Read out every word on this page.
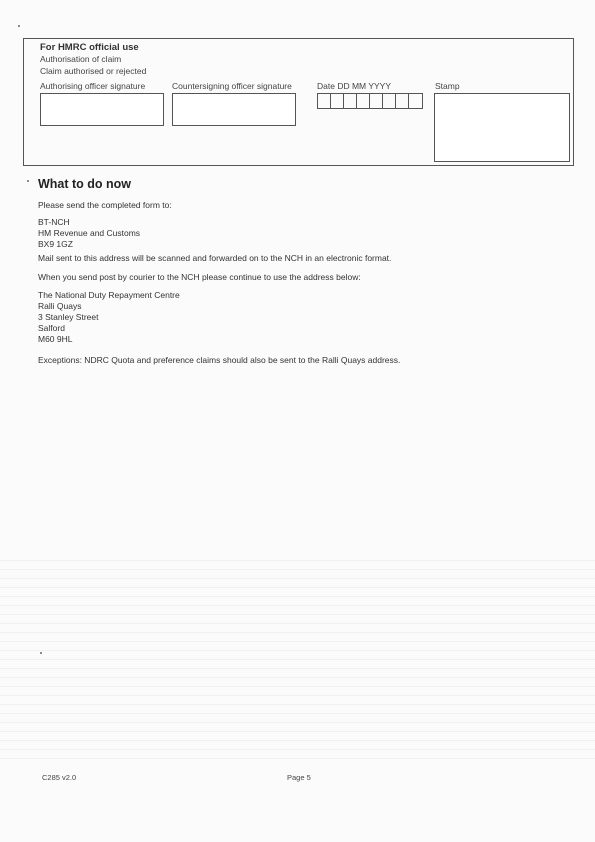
For HMRC official use
Authorisation of claim
Claim authorised or rejected
Authorising officer signature	Countersigning officer signature	Date DD MM YYYY	Stamp
What to do now
Please send the completed form to:
BT-NCH
HM Revenue and Customs
BX9 1GZ
Mail sent to this address will be scanned and forwarded on to the NCH in an electronic format.
When you send post by courier to the NCH please continue to use the address below:
The National Duty Repayment Centre
Ralli Quays
3 Stanley Street
Salford
M60 9HL
Exceptions: NDRC Quota and preference claims should also be sent to the Ralli Quays address.
C285 v2.0	Page 5
